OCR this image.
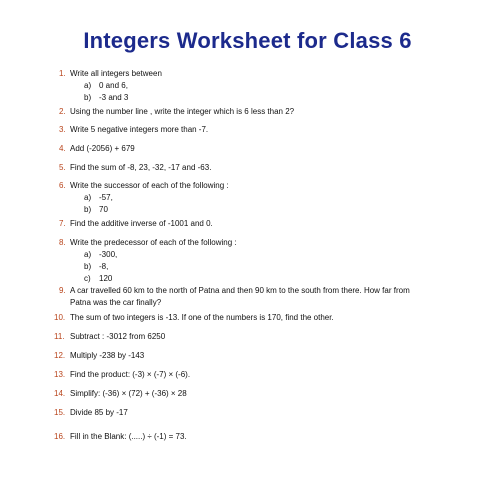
Integers Worksheet for Class 6
1. Write all integers between
a) 0 and 6,
b) -3 and 3
2. Using the number line , write the integer which is 6 less than 2?
3. Write 5 negative integers more than -7.
4. Add (-2056) + 679
5. Find the sum of -8, 23, -32, -17 and -63.
6. Write the successor of each of the following :
a) -57,
b) 70
7. Find the additive inverse of -1001 and 0.
8. Write the predecessor of each of the following :
a) -300,
b) -8,
c) 120
9. A car travelled 60 km to the north of Patna and then 90 km to the south from there. How far from Patna was the car finally?
10. The sum of two integers is -13. If one of the numbers is 170, find the other.
11. Subtract : -3012 from 6250
12. Multiply -238 by -143
13. Find the product: (-3) × (-7) × (-6).
14. Simplify: (-36) × (72) + (-36) × 28
15. Divide 85 by -17
16. Fill in the Blank: (.....) ÷ (-1) = 73.
